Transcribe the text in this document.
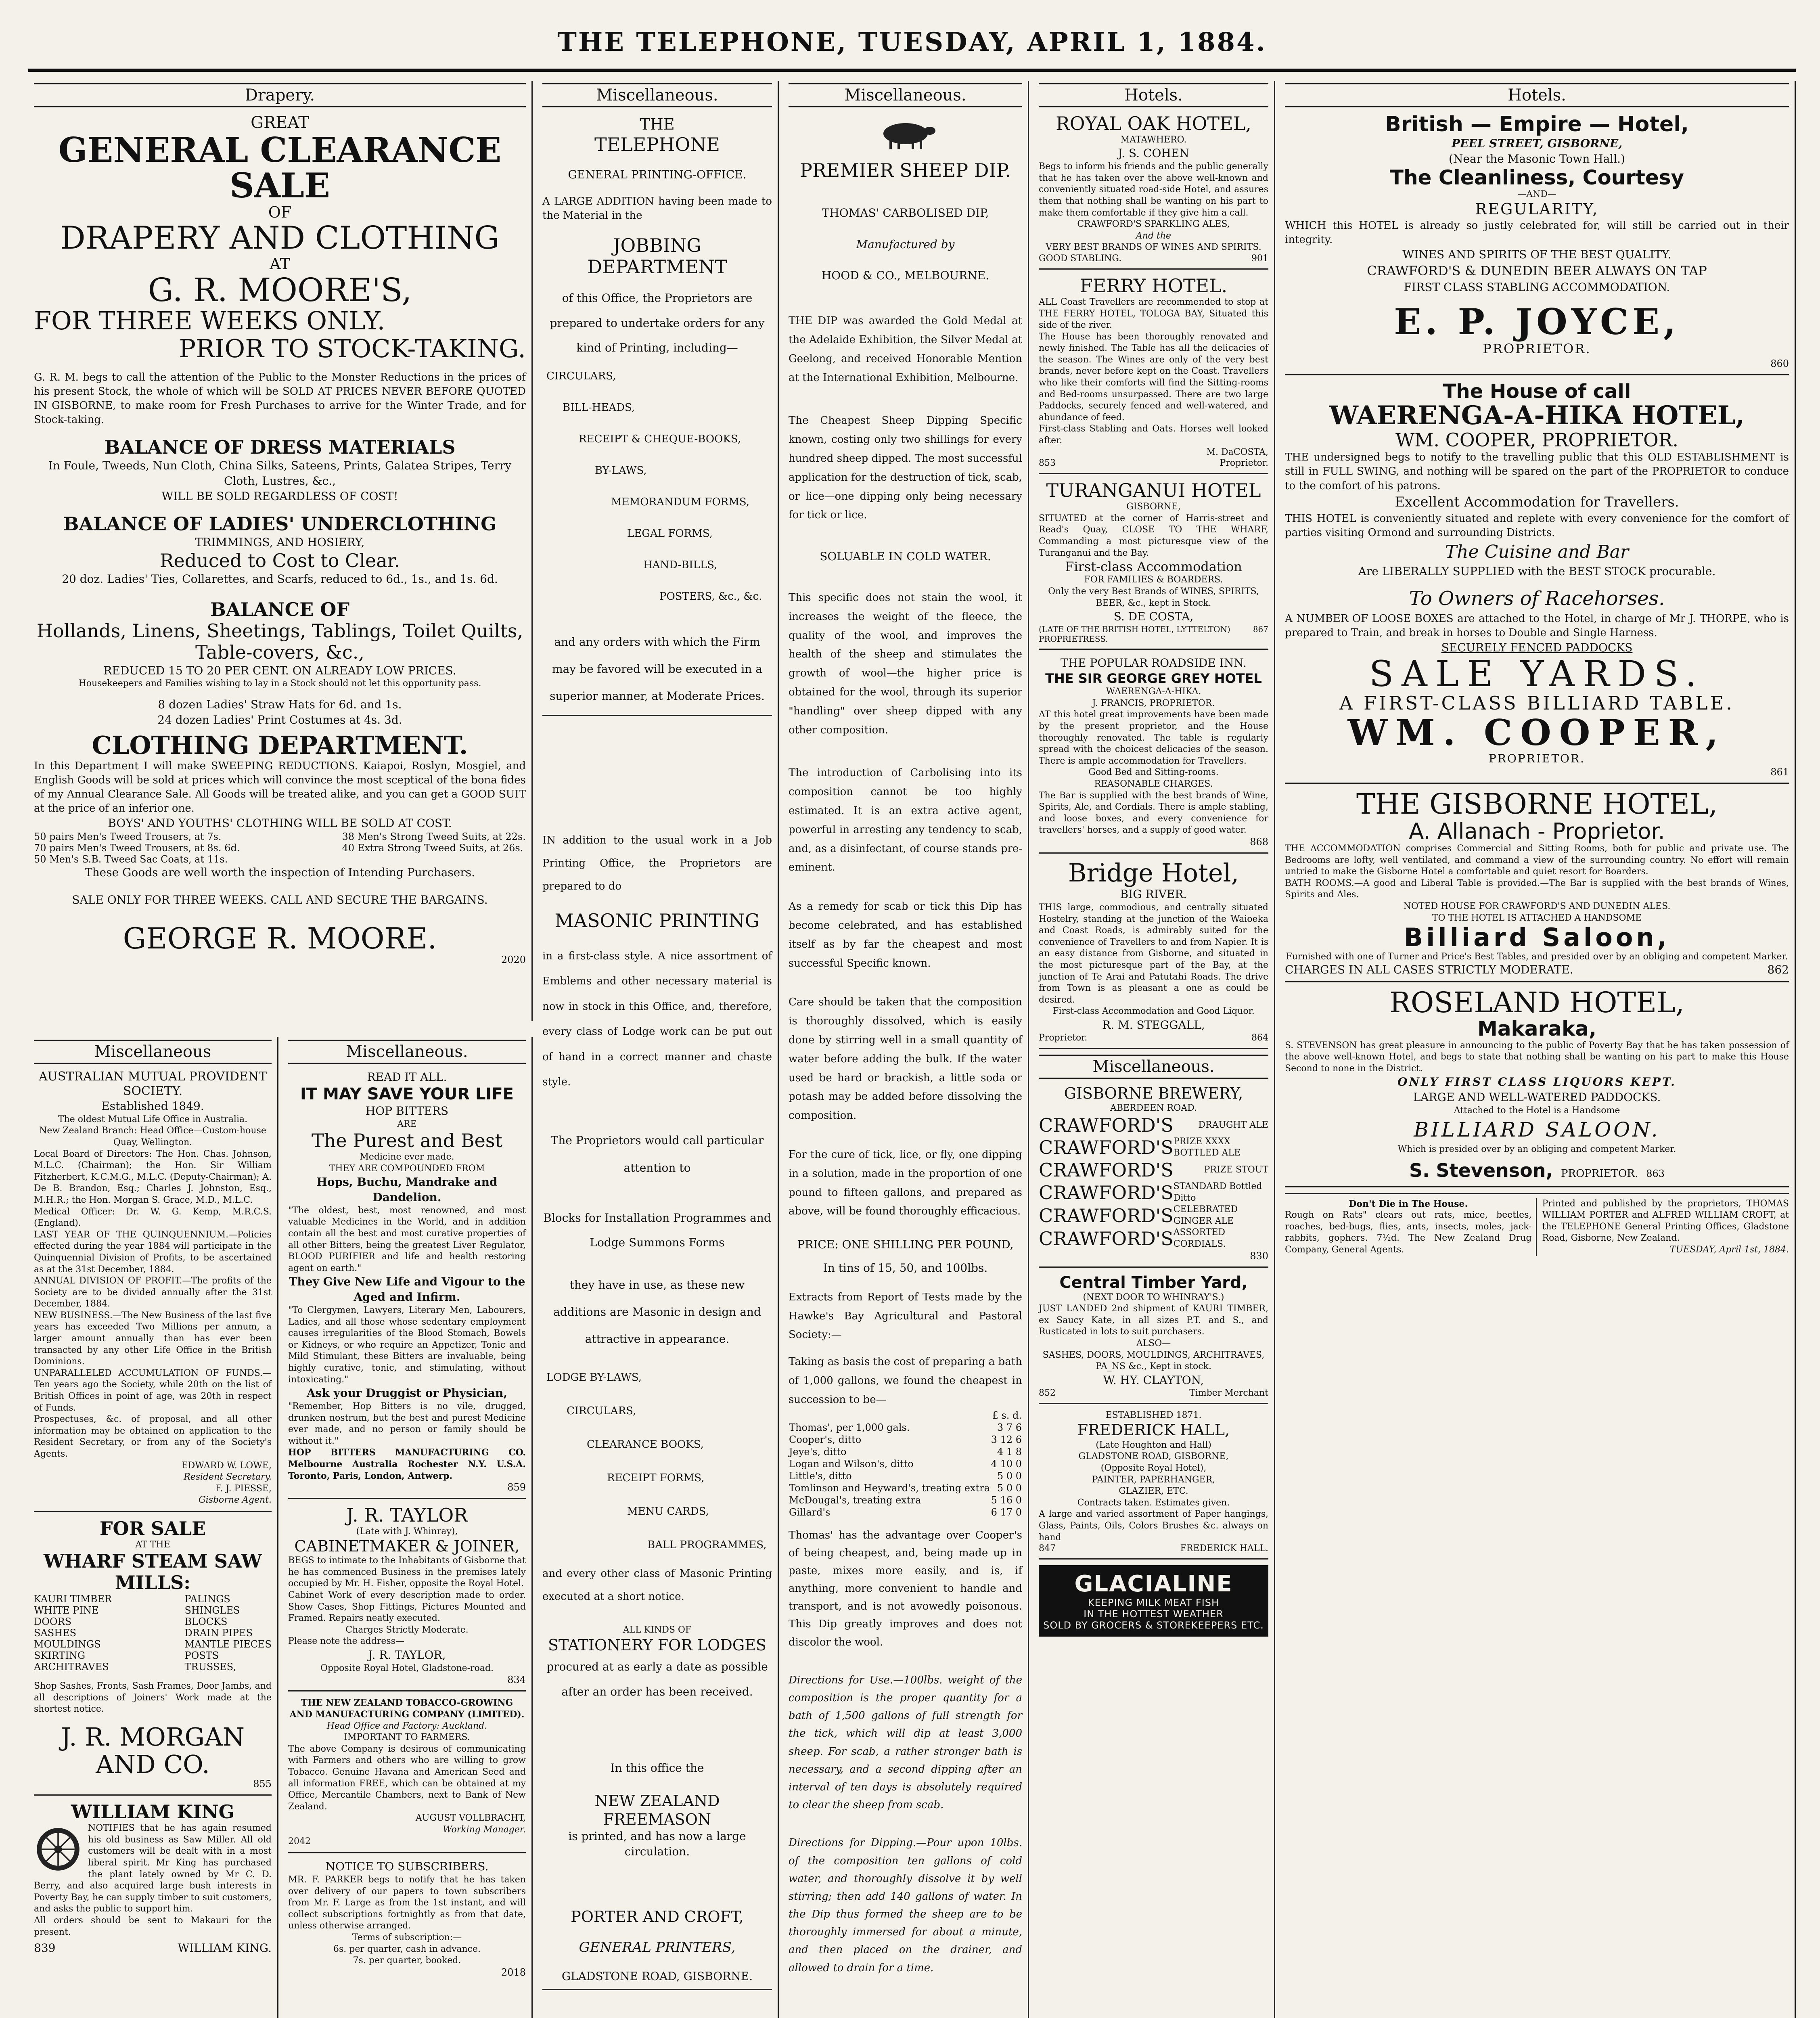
THE TELEPHONE, TUESDAY, APRIL 1, 1884.
Drapery.
GREAT
GENERAL CLEARANCE SALE
OF
DRAPERY AND CLOTHING
AT
G. R. MOORE'S,
FOR THREE WEEKS ONLY.
PRIOR TO STOCK-TAKING.
G. R. M. begs to call the attention of the Public to the Monster Reductions in the prices of his present Stock, the whole of which will be SOLD AT PRICES NEVER BEFORE QUOTED IN GISBORNE, to make room for Fresh Purchases to arrive for the Winter Trade, and for Stock-taking.
BALANCE OF DRESS MATERIALS
In Foule, Tweeds, Nun Cloth, China Silks, Sateens, Prints, Galatea Stripes, Terry Cloth, Lustres, &c.,
WILL BE SOLD REGARDLESS OF COST!
BALANCE OF LADIES' UNDERCLOTHING
TRIMMINGS, AND HOSIERY,
Reduced to Cost to Clear.
20 doz. Ladies' Ties, Collarettes, and Scarfs, reduced to 6d., 1s., and 1s. 6d.
BALANCE OF
Hollands, Linens, Sheetings, Tablings, Toilet Quilts, Table-covers, &c.,
REDUCED 15 TO 20 PER CENT. ON ALREADY LOW PRICES.
Housekeepers and Families wishing to lay in a Stock should not let this opportunity pass.
8 dozen Ladies' Straw Hats for 6d. and 1s.
24 dozen Ladies' Print Costumes at 4s. 3d.
CLOTHING DEPARTMENT.
In this Department I will make SWEEPING REDUCTIONS. Kaiapoi, Roslyn, Mosgiel, and English Goods will be sold at prices which will convince the most sceptical of the bona fides of my Annual Clearance Sale. All Goods will be treated alike, and you can get a GOOD SUIT at the price of an inferior one.
BOYS' AND YOUTHS' CLOTHING WILL BE SOLD AT COST.
50 pairs Men's Tweed Trousers, at 7s.
70 pairs Men's Tweed Trousers, at 8s. 6d.
50 Men's S.B. Tweed Sac Coats, at 11s.
38 Men's Strong Tweed Suits, at 22s.
40 Extra Strong Tweed Suits, at 26s.
These Goods are well worth the inspection of Intending Purchasers.
SALE ONLY FOR THREE WEEKS. CALL AND SECURE THE BARGAINS.
GEORGE R. MOORE.
2020
Miscellaneous
AUSTRALIAN MUTUAL PROVIDENT SOCIETY.
Established 1849.
The oldest Mutual Life Office in Australia.
New Zealand Branch: Head Office—Custom-house Quay, Wellington.
Local Board of Directors: The Hon. Chas. Johnson, M.L.C. (Chairman); the Hon. Sir William Fitzherbert, K.C.M.G., M.L.C. (Deputy-Chairman); A. De B. Brandon, Esq.; Charles J. Johnston, Esq., M.H.R.; the Hon. Morgan S. Grace, M.D., M.L.C.
Medical Officer: Dr. W. G. Kemp, M.R.C.S. (England).
LAST YEAR OF THE QUINQUENNIUM.—Policies effected during the year 1884 will participate in the Quinquennial Division of Profits, to be ascertained as at the 31st December, 1884.
ANNUAL DIVISION OF PROFIT.—The profits of the Society are to be divided annually after the 31st December, 1884.
NEW BUSINESS.—The New Business of the last five years has exceeded Two Millions per annum, a larger amount annually than has ever been transacted by any other Life Office in the British Dominions.
UNPARALLELED ACCUMULATION OF FUNDS.—Ten years ago the Society, while 20th on the list of British Offices in point of age, was 20th in respect of Funds.
Prospectuses, &c. of proposal, and all other information may be obtained on application to the Resident Secretary, or from any of the Society's Agents.
EDWARD W. LOWE,
Resident Secretary.
F. J. PIESSE,
Gisborne Agent.
FOR SALE
AT THE
WHARF STEAM SAW MILLS:
KAURI TIMBER
WHITE PINE
DOORS
SASHES
MOULDINGS
SKIRTING
ARCHITRAVES
PALINGS
SHINGLES
BLOCKS
DRAIN PIPES
MANTLE PIECES
POSTS
TRUSSES,
Shop Sashes, Fronts, Sash Frames, Door Jambs, and all descriptions of Joiners' Work made at the shortest notice.
J. R. MORGAN AND CO.
855
WILLIAM KING
NOTIFIES that he has again resumed his old business as Saw Miller. All old customers will be dealt with in a most liberal spirit. Mr King has purchased the plant lately owned by Mr C. D. Berry, and also acquired large bush interests in Poverty Bay, he can supply timber to suit customers, and asks the public to support him.
All orders should be sent to Makauri for the present.
839	WILLIAM KING.
Miscellaneous.
READ IT ALL.
IT MAY SAVE YOUR LIFE
HOP BITTERS
ARE
The Purest and Best
Medicine ever made.
THEY ARE COMPOUNDED FROM
Hops, Buchu, Mandrake and Dandelion.
"The oldest, best, most renowned, and most valuable Medicines in the World, and in addition contain all the best and most curative properties of all other Bitters, being the greatest Liver Regulator, BLOOD PURIFIER and life and health restoring agent on earth."
They Give New Life and Vigour to the Aged and Infirm.
"To Clergymen, Lawyers, Literary Men, Labourers, Ladies, and all those whose sedentary employment causes irregularities of the Blood Stomach, Bowels or Kidneys, or who require an Appetizer, Tonic and Mild Stimulant, these Bitters are invaluable, being highly curative, tonic, and stimulating, without intoxicating."
Ask your Druggist or Physician,
"Remember, Hop Bitters is no vile, drugged, drunken nostrum, but the best and purest Medicine ever made, and no person or family should be without it."
HOP BITTERS MANUFACTURING CO. Melbourne Australia Rochester N.Y. U.S.A. Toronto, Paris, London, Antwerp.
859
J. R. TAYLOR
(Late with J. Whinray),
CABINETMAKER & JOINER,
BEGS to intimate to the Inhabitants of Gisborne that he has commenced Business in the premises lately occupied by Mr. H. Fisher, opposite the Royal Hotel.
Cabinet Work of every description made to order. Show Cases, Shop Fittings, Pictures Mounted and Framed. Repairs neatly executed.
Charges Strictly Moderate.
Please note the address—
J. R. TAYLOR,
Opposite Royal Hotel, Gladstone-road.
834
THE NEW ZEALAND TOBACCO-GROWING AND MANUFACTURING COMPANY (LIMITED).
Head Office and Factory: Auckland.
IMPORTANT TO FARMERS.
The above Company is desirous of communicating with Farmers and others who are willing to grow Tobacco. Genuine Havana and American Seed and all information FREE, which can be obtained at my Office, Mercantile Chambers, next to Bank of New Zealand.
AUGUST VOLLBRACHT,
Working Manager.
2042
NOTICE TO SUBSCRIBERS.
MR. F. PARKER begs to notify that he has taken over delivery of our papers to town subscribers from Mr. F. Large as from the 1st instant, and will collect subscriptions fortnightly as from that date, unless otherwise arranged.
Terms of subscription:—
6s. per quarter, cash in advance.
7s. per quarter, booked.
2018
Miscellaneous.
THE
TELEPHONE
GENERAL PRINTING-OFFICE.
A LARGE ADDITION having been made to the Material in the
JOBBING DEPARTMENT
of this Office, the Proprietors are prepared to undertake orders for any kind of Printing, including—
CIRCULARS,
BILL-HEADS,
RECEIPT & CHEQUE-BOOKS,
BY-LAWS,
MEMORANDUM FORMS,
LEGAL FORMS,
HAND-BILLS,
POSTERS, &c., &c.
and any orders with which the Firm may be favored will be executed in a superior manner, at Moderate Prices.
IN addition to the usual work in a Job Printing Office, the Proprietors are prepared to do
MASONIC PRINTING
in a first-class style. A nice assortment of Emblems and other necessary material is now in stock in this Office, and, therefore, every class of Lodge work can be put out of hand in a correct manner and chaste style.
The Proprietors would call particular attention to
Blocks for Installation Programmes and Lodge Summons Forms
they have in use, as these new additions are Masonic in design and attractive in appearance.
LODGE BY-LAWS,
CIRCULARS,
CLEARANCE BOOKS,
RECEIPT FORMS,
MENU CARDS,
BALL PROGRAMMES,
and every other class of Masonic Printing executed at a short notice.
ALL KINDS OF
STATIONERY FOR LODGES
procured at as early a date as possible after an order has been received.
In this office the
NEW ZEALAND FREEMASON
is printed, and has now a large circulation.
PORTER AND CROFT,
GENERAL PRINTERS,
GLADSTONE ROAD, GISBORNE.
Miscellaneous.
PREMIER SHEEP DIP.
THOMAS' CARBOLISED DIP,
Manufactured by
HOOD & CO., MELBOURNE.
THE DIP was awarded the Gold Medal at the Adelaide Exhibition, the Silver Medal at Geelong, and received Honorable Mention at the International Exhibition, Melbourne.
The Cheapest Sheep Dipping Specific known, costing only two shillings for every hundred sheep dipped. The most successful application for the destruction of tick, scab, or lice—one dipping only being necessary for tick or lice.
SOLUABLE IN COLD WATER.
This specific does not stain the wool, it increases the weight of the fleece, the quality of the wool, and improves the health of the sheep and stimulates the growth of wool—the higher price is obtained for the wool, through its superior "handling" over sheep dipped with any other composition.
The introduction of Carbolising into its composition cannot be too highly estimated. It is an extra active agent, powerful in arresting any tendency to scab, and, as a disinfectant, of course stands pre-eminent.
As a remedy for scab or tick this Dip has become celebrated, and has established itself as by far the cheapest and most successful Specific known.
Care should be taken that the composition is thoroughly dissolved, which is easily done by stirring well in a small quantity of water before adding the bulk. If the water used be hard or brackish, a little soda or potash may be added before dissolving the composition.
For the cure of tick, lice, or fly, one dipping in a solution, made in the proportion of one pound to fifteen gallons, and prepared as above, will be found thoroughly efficacious.
PRICE: ONE SHILLING PER POUND,
In tins of 15, 50, and 100lbs.
Extracts from Report of Tests made by the Hawke's Bay Agricultural and Pastoral Society:—
Taking as basis the cost of preparing a bath of 1,000 gallons, we found the cheapest in succession to be—
	£ s. d.
Thomas', per 1,000 gals.	3 7 6
Cooper's, ditto	3 12 6
Jeye's, ditto	4 1 8
Logan and Wilson's, ditto	4 10 0
Little's, ditto	5 0 0
Tomlinson and Heyward's, treating extra	5 0 0
McDougal's, treating extra	5 16 0
Gillard's	6 17 0
Thomas' has the advantage over Cooper's of being cheapest, and, being made up in paste, mixes more easily, and is, if anything, more convenient to handle and transport, and is not avowedly poisonous. This Dip greatly improves and does not discolor the wool.
Directions for Use.—100lbs. weight of the composition is the proper quantity for a bath of 1,500 gallons of full strength for the tick, which will dip at least 3,000 sheep. For scab, a rather stronger bath is necessary, and a second dipping after an interval of ten days is absolutely required to clear the sheep from scab.
Directions for Dipping.—Pour upon 10lbs. of the composition ten gallons of cold water, and thoroughly dissolve it by well stirring; then add 140 gallons of water. In the Dip thus formed the sheep are to be thoroughly immersed for about a minute, and then placed on the drainer, and allowed to drain for a time.
Hotels.
ROYAL OAK HOTEL,
MATAWHERO.
J. S. COHEN
Begs to inform his friends and the public generally that he has taken over the above well-known and conveniently situated road-side Hotel, and assures them that nothing shall be wanting on his part to make them comfortable if they give him a call.
CRAWFORD'S SPARKLING ALES,
And the
VERY BEST BRANDS OF WINES AND SPIRITS.
GOOD STABLING.	901
FERRY HOTEL.
ALL Coast Travellers are recommended to stop at THE FERRY HOTEL, TOLOGA BAY, Situated this side of the river.
The House has been thoroughly renovated and newly finished. The Table has all the delicacies of the season. The Wines are only of the very best brands, never before kept on the Coast. Travellers who like their comforts will find the Sitting-rooms and Bed-rooms unsurpassed. There are two large Paddocks, securely fenced and well-watered, and abundance of feed.
First-class Stabling and Oats. Horses well looked after.
M. DaCOSTA,
853	Proprietor.
TURANGANUI HOTEL
GISBORNE,
SITUATED at the corner of Harris-street and Read's Quay, CLOSE TO THE WHARF, Commanding a most picturesque view of the Turanganui and the Bay.
First-class Accommodation
FOR FAMILIES & BOARDERS.
Only the very Best Brands of WINES, SPIRITS, BEER, &c., kept in Stock.
S. DE COSTA,
(LATE OF THE BRITISH HOTEL, LYTTELTON) PROPRIETRESS.
867
THE POPULAR ROADSIDE INN.
THE SIR GEORGE GREY HOTEL
WAERENGA-A-HIKA.
J. FRANCIS, PROPRIETOR.
AT this hotel great improvements have been made by the present proprietor, and the House thoroughly renovated. The table is regularly spread with the choicest delicacies of the season. There is ample accommodation for Travellers.
Good Bed and Sitting-rooms.
REASONABLE CHARGES.
The Bar is supplied with the best brands of Wine, Spirits, Ale, and Cordials. There is ample stabling, and loose boxes, and every convenience for travellers' horses, and a supply of good water.
868
Bridge Hotel,
BIG RIVER.
THIS large, commodious, and centrally situated Hostelry, standing at the junction of the Waioeka and Coast Roads, is admirably suited for the convenience of Travellers to and from Napier. It is an easy distance from Gisborne, and situated in the most picturesque part of the Bay, at the junction of Te Arai and Patutahi Roads. The drive from Town is as pleasant a one as could be desired.
First-class Accommodation and Good Liquor.
R. M. STEGGALL,
Proprietor.	864
Miscellaneous.
GISBORNE BREWERY,
ABERDEEN ROAD.
CRAWFORD'S	DRAUGHT ALE
CRAWFORD'S PRIZE XXXX BOTTLED ALE
CRAWFORD'S	PRIZE STOUT
CRAWFORD'S STANDARD Bottled Ditto
CRAWFORD'S CELEBRATED GINGER ALE
CRAWFORD'S ASSORTED CORDIALS.
830
Central Timber Yard,
(NEXT DOOR TO WHINRAY'S.)
JUST LANDED 2nd shipment of KAURI TIMBER, ex Saucy Kate, in all sizes P.T. and S., and Rusticated in lots to suit purchasers.
ALSO—
SASHES, DOORS, MOULDINGS, ARCHITRAVES, PA_NS &c., Kept in stock.
W. HY. CLAYTON,
852	Timber Merchant
ESTABLISHED 1871.
FREDERICK HALL,
(Late Houghton and Hall)
GLADSTONE ROAD, GISBORNE,
(Opposite Royal Hotel),
PAINTER, PAPERHANGER,
GLAZIER, ETC.
Contracts taken. Estimates given.
A large and varied assortment of Paper hangings, Glass, Paints, Oils, Colors Brushes &c. always on hand
847	FREDERICK HALL.
GLACIALINE
KEEPING MILK MEAT FISH
IN THE HOTTEST WEATHER
SOLD BY GROCERS & STOREKEEPERS ETC.
Hotels.
British — Empire — Hotel,
PEEL STREET, GISBORNE,
(Near the Masonic Town Hall.)
The Cleanliness, Courtesy
—AND—
REGULARITY,
WHICH this HOTEL is already so justly celebrated for, will still be carried out in their integrity.
WINES AND SPIRITS OF THE BEST QUALITY.
CRAWFORD'S & DUNEDIN BEER ALWAYS ON TAP
FIRST CLASS STABLING ACCOMMODATION.
E. P. JOYCE,
PROPRIETOR.
860
The House of call
WAERENGA-A-HIKA HOTEL,
WM. COOPER, PROPRIETOR.
THE undersigned begs to notify to the travelling public that this OLD ESTABLISHMENT is still in FULL SWING, and nothing will be spared on the part of the PROPRIETOR to conduce to the comfort of his patrons.
Excellent Accommodation for Travellers.
THIS HOTEL is conveniently situated and replete with every convenience for the comfort of parties visiting Ormond and surrounding Districts.
The Cuisine and Bar
Are LIBERALLY SUPPLIED with the BEST STOCK procurable.
To Owners of Racehorses.
A NUMBER OF LOOSE BOXES are attached to the Hotel, in charge of Mr J. THORPE, who is prepared to Train, and break in horses to Double and Single Harness.
SECURELY FENCED PADDOCKS
SALE YARDS.
A FIRST-CLASS BILLIARD TABLE.
WM. COOPER,
PROPRIETOR.
861
THE GISBORNE HOTEL,
A. Allanach - Proprietor.
THE ACCOMMODATION comprises Commercial and Sitting Rooms, both for public and private use. The Bedrooms are lofty, well ventilated, and command a view of the surrounding country. No effort will remain untried to make the Gisborne Hotel a comfortable and quiet resort for Boarders.
BATH ROOMS.—A good and Liberal Table is provided.—The Bar is supplied with the best brands of Wines, Spirits and Ales.
NOTED HOUSE FOR CRAWFORD'S AND DUNEDIN ALES.
TO THE HOTEL IS ATTACHED A HANDSOME
Billiard Saloon,
Furnished with one of Turner and Price's Best Tables, and presided over by an obliging and competent Marker.
CHARGES IN ALL CASES STRICTLY MODERATE.	862
ROSELAND HOTEL,
Makaraka,
S. STEVENSON has great pleasure in announcing to the public of Poverty Bay that he has taken possession of the above well-known Hotel, and begs to state that nothing shall be wanting on his part to make this House Second to none in the District.
ONLY FIRST CLASS LIQUORS KEPT.
LARGE AND WELL-WATERED PADDOCKS.
Attached to the Hotel is a Handsome
BILLIARD SALOON.
Which is presided over by an obliging and competent Marker.
S. Stevenson, PROPRIETOR. 863
Don't Die in The House.
Rough on Rats" clears out rats, mice, beetles, roaches, bed-bugs, flies, ants, insects, moles, jack-rabbits, gophers. 7½d. The New Zealand Drug Company, General Agents.
Printed and published by the proprietors, THOMAS WILLIAM PORTER and ALFRED WILLIAM CROFT, at the TELEPHONE General Printing Offices, Gladstone Road, Gisborne, New Zealand.
TUESDAY, April 1st, 1884.
